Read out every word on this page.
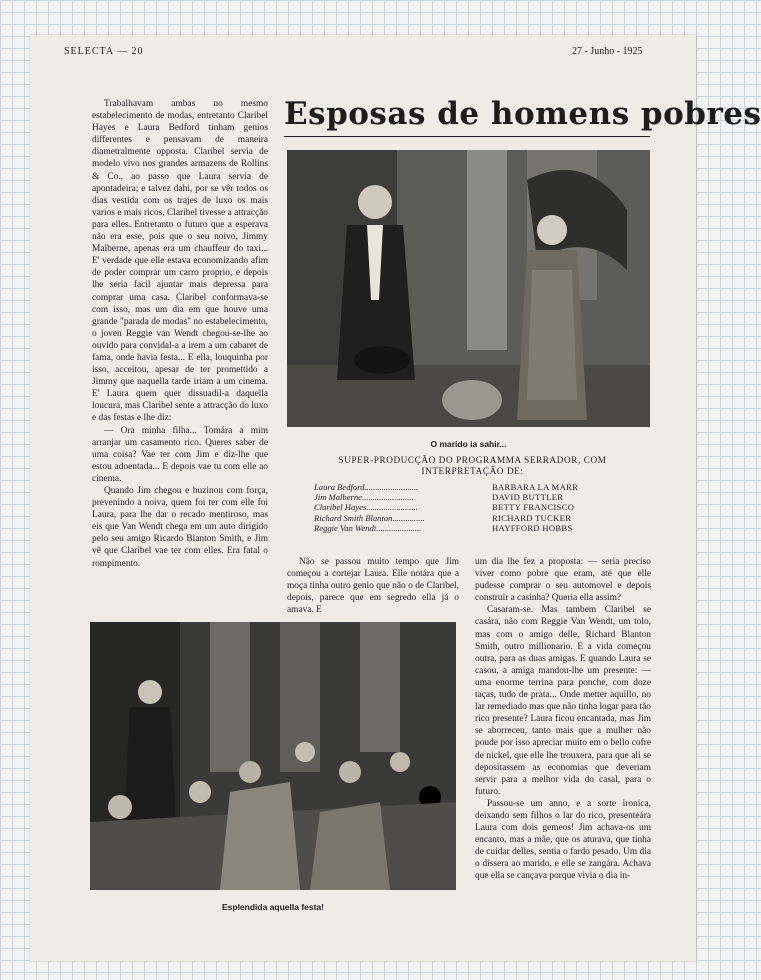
SELECTA — 20	27 - Junho - 1925
Esposas de homens pobres

Trabalhavam ambas no mesmo estabelecimento de modas, entretanto Claribel Hayes e Laura Bedford tinham genios differentes e pensavam de maneira diametralmente opposta. Claribel servia de modelo vivo nos grandes armazens de Rollins & Co., ao passo que Laura servia de apontadeira; e talvez dahi, por se vêr todos os dias vestida com os trajes de luxo os mais varios e mais ricos, Claribel tivesse a attracção para elles. Entretanto o futuro que a esperava não era esse, pois que o seu noivo, Jimmy Malberne, apenas era um chauffeur do taxi... E' verdade que elle estava economizando afim de poder comprar um carro proprio, e depois lhe seria facil ajuntar mais depressa para comprar uma casa. Claribel conformava-se com isso, mas um dia em que houve uma grande "parada de modas" no estabelecimento, o joven Reggie van Wendt chegou-se-lhe ao ouvido para convidal-a a irem a um cabaret de fama, onde havia festa... E ella, louquinha por isso, acceitou, apesar de ter promettido a Jimmy que naquella tarde iriam a um cinema. E' Laura quem quer dissuadil-a daquella loucura, mas Claribel sente a attracção do luxo e das festas e lhe diz:

— Ora minha filha... Tomára a mim arranjar um casamento rico. Queres saber de uma coisa? Vae ter com Jim e diz-lhe que estou adoentada... E depois vae tu com elle ao cinema.

Quando Jim chegou e buzinou com força, prevenindo a noiva, quem foi ter com elle foi Laura, para lhe dar o recado mentiroso, mas eis que Van Wendt chega em um auto dirigido pelo seu amigo Ricardo Blanton Smith, e Jim vê que Claribel vae ter com elles. Era fatal o rompimento.

O marido ia sahir...
SUPER-PRODUCÇÃO DO PROGRAMMA SERRADOR, COM INTERPRETAÇÃO DE:
Laura Bedford.........................	BARBARA LA MARR
Jim Malberne........................	DAVID BUTTLER
Claribel Hayes........................	BETTY FRANCISCO
Richard Smith Blanton...............	RICHARD TUCKER
Reggie Van Wendt.....................	HAYFFORD HOBBS

Não se passou muito tempo que Jim começou a cortejar Laura. Elle notára que a moça tinha outro genio que não o de Claribel, depois, parece que em segredo ella já o amava. E

um dia lhe fez a proposta: — seria preciso viver como pobre que eram, até que elle pudesse comprar o seu automovel e depois construir a casinha? Queria ella assim?

Casaram-se. Mas tambem Claribel se casára, não com Reggie Van Wendt, um tolo, mas com o amigo delle, Richard Blanton Smith, outro millionario. E a vida começou outra, para as duas amigas. E quando Laura se casou, a amiga mandou-lhe um presente: — uma enorme terrina para ponche, com doze taças, tudo de prata... Onde metter aquillo, no lar remediado mas que não tinha logar para tão rico presente? Laura ficou encantada, mas Jim se aborreceu, tanto mais que a mulher não poude por isso apreciar muito em o bello cofre de nickel, que elle lhe trouxera, para que ali se depositassem as economias que deveriam servir para a melhor vida do casal, para o futuro.

Passou-se um anno, e a sorte ironica, deixando sem filhos o lar do rico, presenteára Laura com dois gemeos! Jim achava-os um encanto, mas a mãe, que os aturava, que tinha de cuidar delles, sentia o fardo pesado. Um dia o dissera ao marido, e elle se zangára. Achava que ella se cançava porque vivia o dia in-

Esplendida aquella festa!
